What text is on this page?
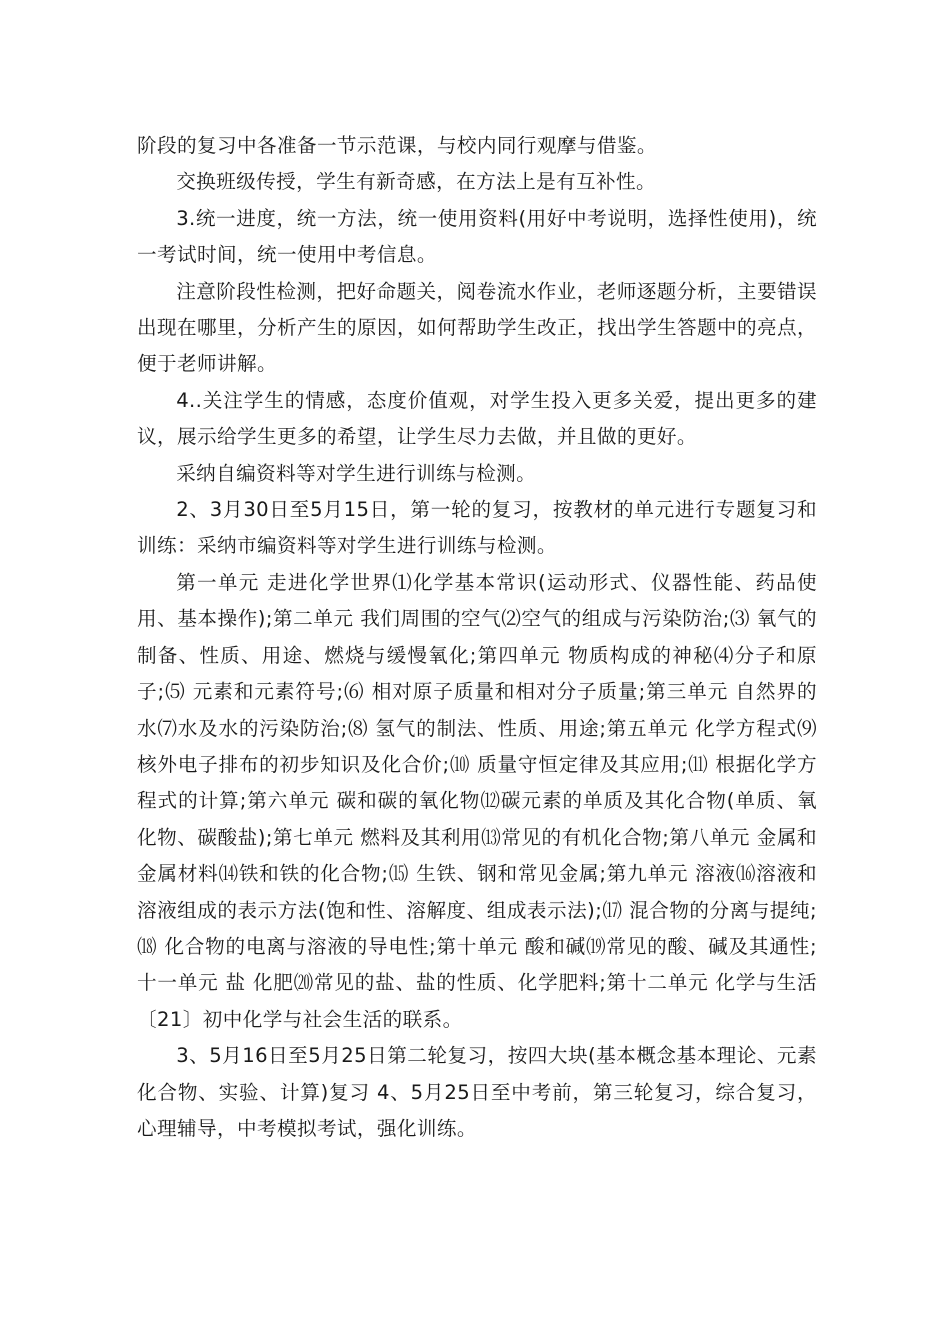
阶段的复习中各准备一节示范课，与校内同行观摩与借鉴。

交换班级传授，学生有新奇感，在方法上是有互补性。

3.统一进度，统一方法，统一使用资料(用好中考说明，选择性使用)，统一考试时间，统一使用中考信息。

注意阶段性检测，把好命题关，阅卷流水作业，老师逐题分析，主要错误出现在哪里，分析产生的原因，如何帮助学生改正，找出学生答题中的亮点，便于老师讲解。

4..关注学生的情感，态度价值观，对学生投入更多关爱，提出更多的建议，展示给学生更多的希望，让学生尽力去做，并且做的更好。

采纳自编资料等对学生进行训练与检测。

2、3月30日至5月15日，第一轮的复习，按教材的单元进行专题复习和训练：采纳市编资料等对学生进行训练与检测。

第一单元 走进化学世界⑴化学基本常识(运动形式、仪器性能、药品使用、基本操作);第二单元 我们周围的空气⑵空气的组成与污染防治;⑶ 氧气的制备、性质、用途、燃烧与缓慢氧化;第四单元 物质构成的神秘⑷分子和原子;⑸ 元素和元素符号;⑹ 相对原子质量和相对分子质量;第三单元 自然界的水⑺水及水的污染防治;⑻ 氢气的制法、性质、用途;第五单元 化学方程式⑼核外电子排布的初步知识及化合价;⑽ 质量守恒定律及其应用;⑾ 根据化学方程式的计算;第六单元 碳和碳的氧化物⑿碳元素的单质及其化合物(单质、氧化物、碳酸盐);第七单元 燃料及其利用⒀常见的有机化合物;第八单元 金属和金属材料⒁铁和铁的化合物;⒂ 生铁、钢和常见金属;第九单元 溶液⒃溶液和溶液组成的表示方法(饱和性、溶解度、组成表示法);⒄ 混合物的分离与提纯;⒅ 化合物的电离与溶液的导电性;第十单元 酸和碱⒆常见的酸、碱及其通性;十一单元 盐 化肥⒇常见的盐、盐的性质、化学肥料;第十二单元 化学与生活〔21〕初中化学与社会生活的联系。

3、5月16日至5月25日第二轮复习，按四大块(基本概念基本理论、元素化合物、实验、计算)复习 4、5月25日至中考前，第三轮复习，综合复习，心理辅导，中考模拟考试，强化训练。
